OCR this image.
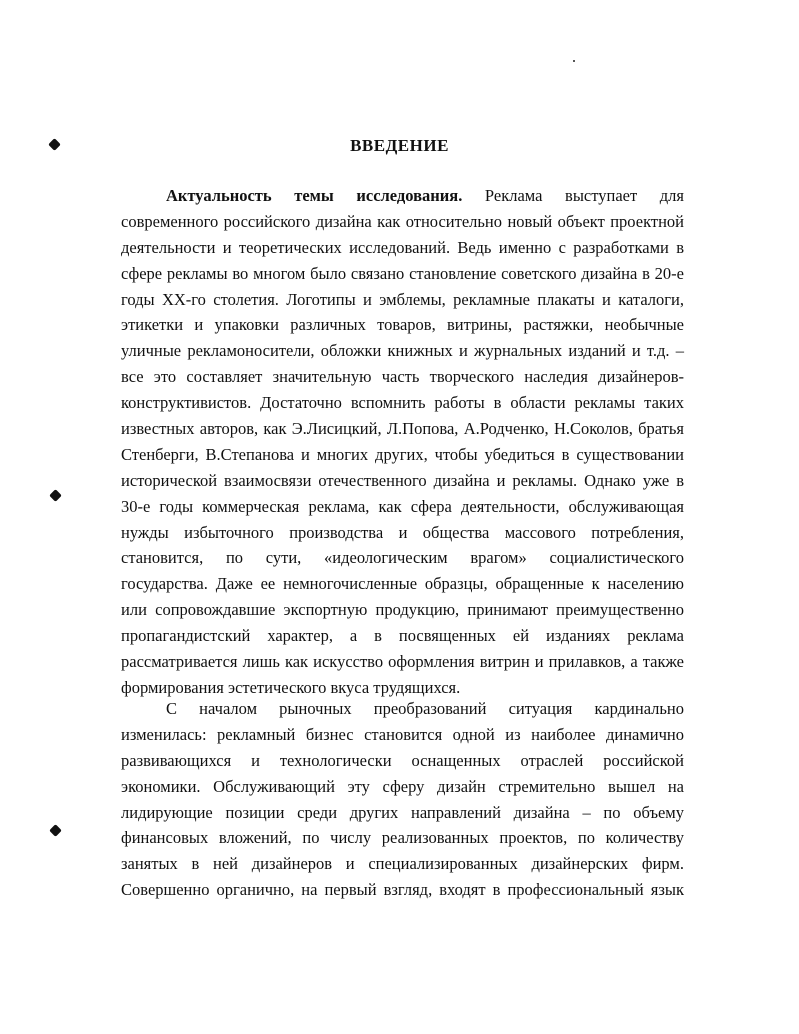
ВВЕДЕНИЕ
Актуальность темы исследования. Реклама выступает для
современного российского дизайна как относительно новый объект проектной
деятельности и теоретических исследований. Ведь именно с разработками в
сфере рекламы во многом было связано становление советского дизайна в 20-е
годы XX-го столетия. Логотипы и эмблемы, рекламные плакаты и каталоги,
этикетки и упаковки различных товаров, витрины, растяжки, необычные
уличные рекламоносители, обложки книжных и журнальных изданий и т.д. –
все это составляет значительную часть творческого наследия дизайнеров-
конструктивистов. Достаточно вспомнить работы в области рекламы таких
известных авторов, как Э.Лисицкий, Л.Попова, А.Родченко, Н.Соколов, братья
Стенберги, В.Степанова и многих других, чтобы убедиться в существовании
исторической взаимосвязи отечественного дизайна и рекламы. Однако уже в
30-е годы коммерческая реклама, как сфера деятельности, обслуживающая
нужды избыточного производства и общества массового потребления,
становится, по сути, «идеологическим врагом» социалистического
государства. Даже ее немногочисленные образцы, обращенные к населению
или сопровождавшие экспортную продукцию, принимают преимущественно
пропагандистский характер, а в посвященных ей изданиях реклама
рассматривается лишь как искусство оформления витрин и прилавков, а также
формирования эстетического вкуса трудящихся.
С началом рыночных преобразований ситуация кардинально
изменилась: рекламный бизнес становится одной из наиболее динамично
развивающихся и технологически оснащенных отраслей российской
экономики. Обслуживающий эту сферу дизайн стремительно вышел на
лидирующие позиции среди других направлений дизайна – по объему
финансовых вложений, по числу реализованных проектов, по количеству
занятых в ней дизайнеров и специализированных дизайнерских фирм.
Совершенно органично, на первый взгляд, входят в профессиональный язык
